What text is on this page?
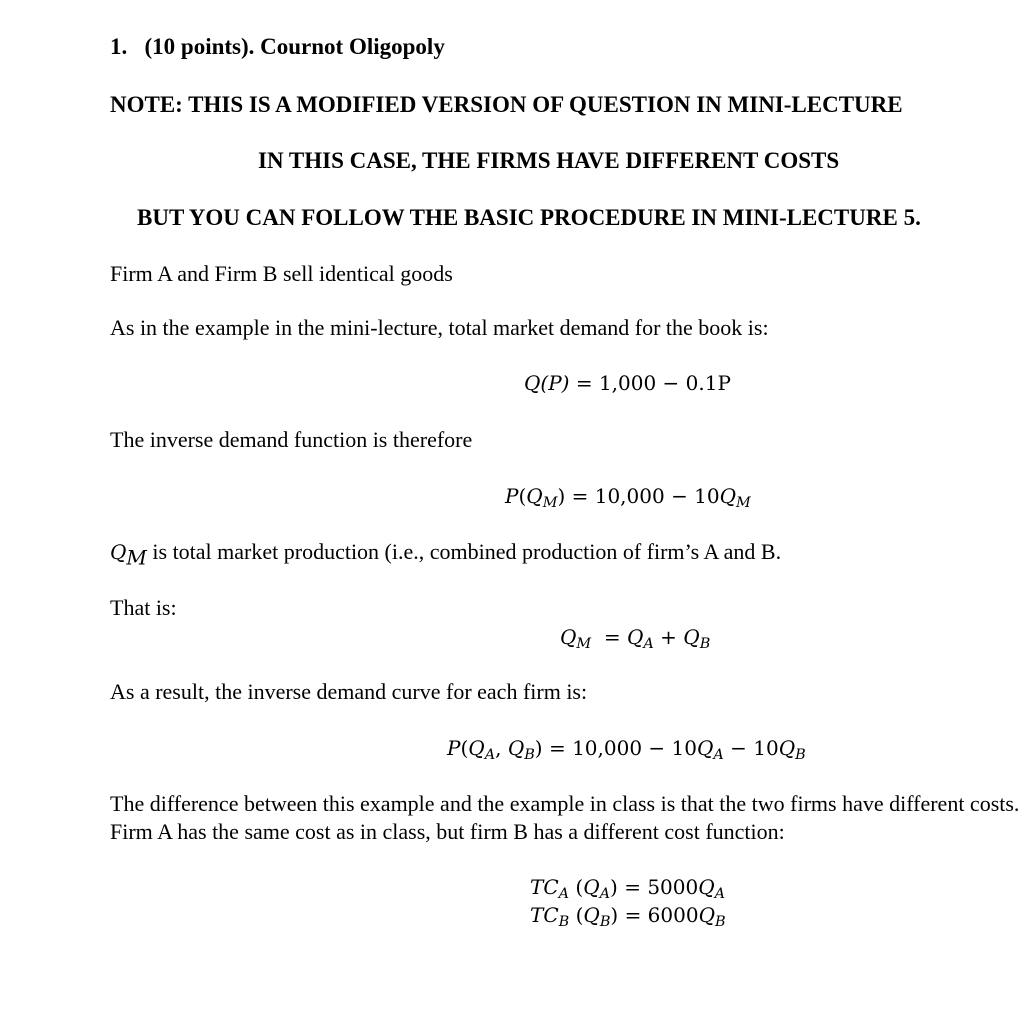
1. (10 points). Cournot Oligopoly
NOTE: THIS IS A MODIFIED VERSION OF QUESTION IN MINI-LECTURE
IN THIS CASE, THE FIRMS HAVE DIFFERENT COSTS
BUT YOU CAN FOLLOW THE BASIC PROCEDURE IN MINI-LECTURE 5.
Firm A and Firm B sell identical goods
As in the example in the mini-lecture, total market demand for the book is:
Q(P) = 1,000 − 0.1P
The inverse demand function is therefore
$P(Q_M) = 10,000 - 10Q_M$
$Q_M$ is total market production (i.e., combined production of firm’s A and B.
That is:
$Q_M = Q_A + Q_B$
As a result, the inverse demand curve for each firm is:
$P(Q_A$, $Q_B) = 10,000 - 10Q_A - 10Q_B$
The difference between this example and the example in class is that the two firms have different costs.
Firm A has the same cost as in class, but firm B has a different cost function:
$TC_A$ $(Q_A) = 5000Q_A$
$TC_B$ $(Q_B) = 6000Q_B$
